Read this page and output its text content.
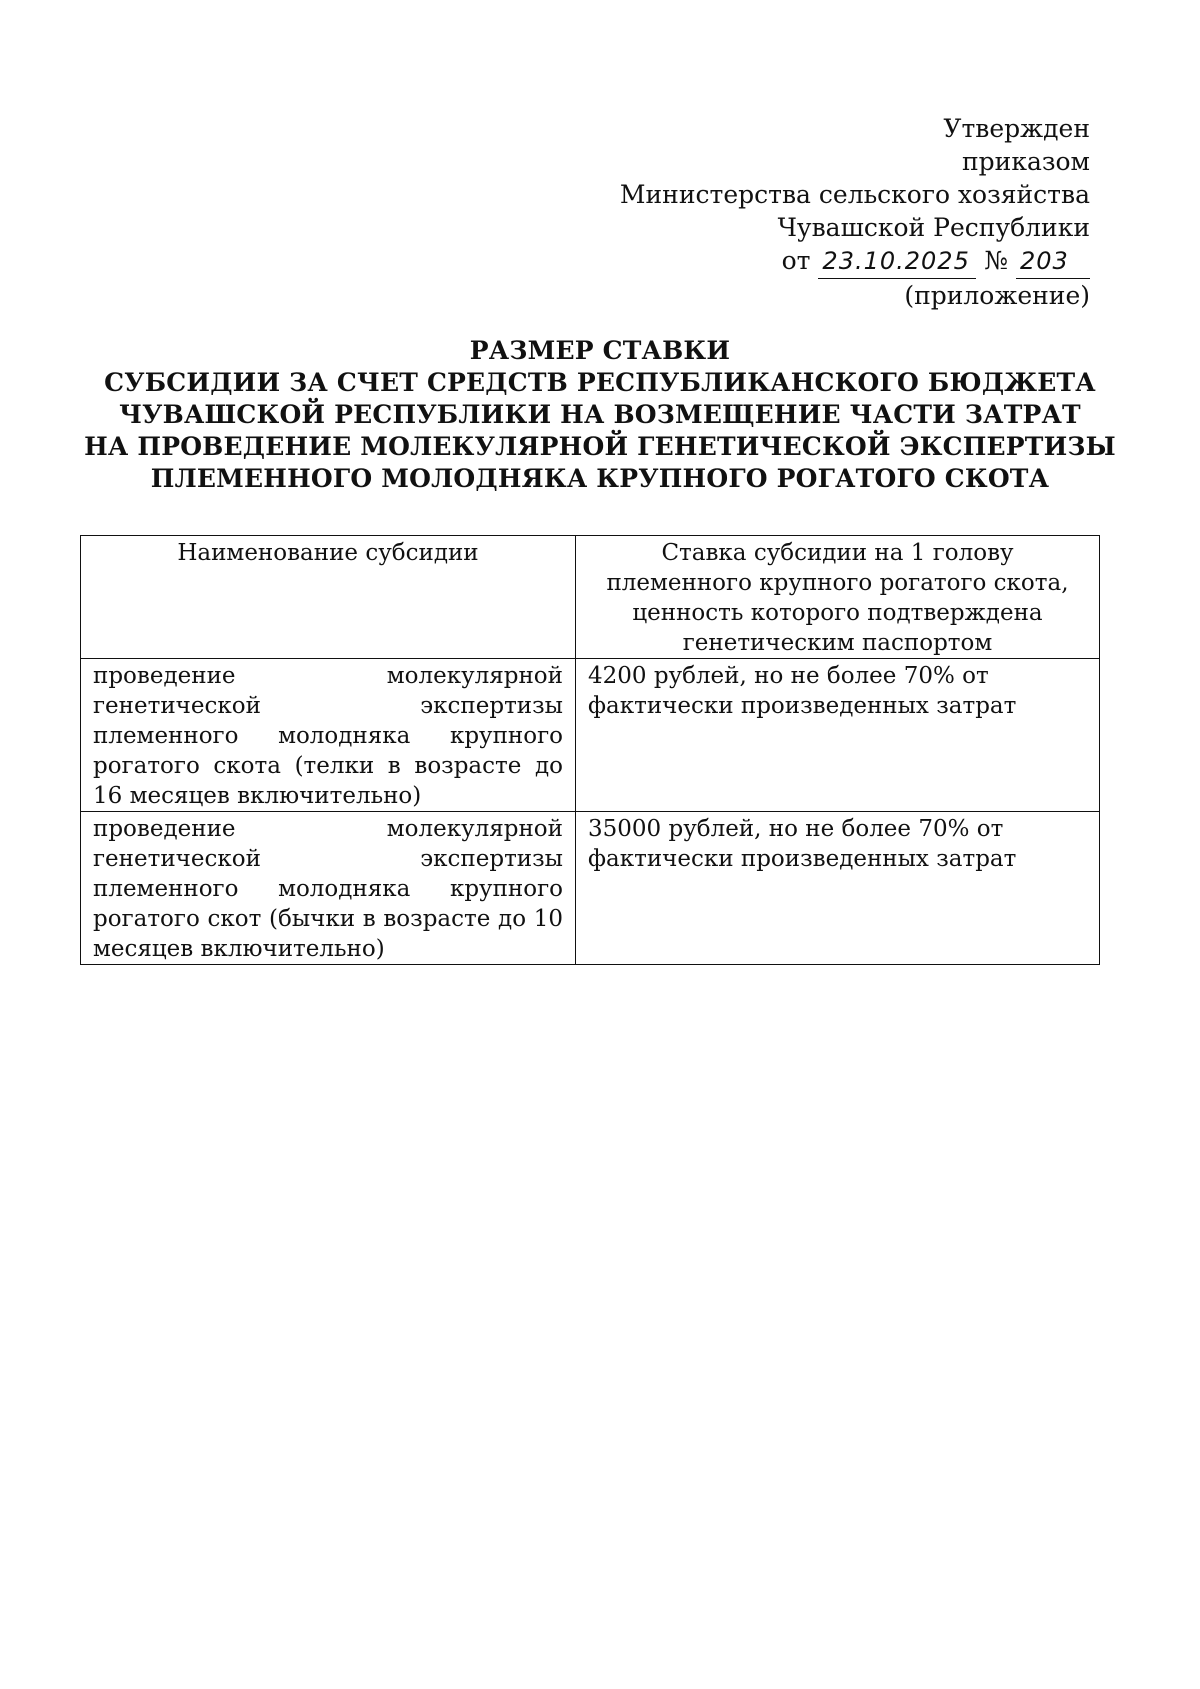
Утвержден
приказом
Министерства сельского хозяйства
Чувашской Республики
от 23.10.2025 № 203
(приложение)
РАЗМЕР СТАВКИ
СУБСИДИИ ЗА СЧЕТ СРЕДСТВ РЕСПУБЛИКАНСКОГО БЮДЖЕТА
ЧУВАШСКОЙ РЕСПУБЛИКИ НА ВОЗМЕЩЕНИЕ ЧАСТИ ЗАТРАТ
НА ПРОВЕДЕНИЕ МОЛЕКУЛЯРНОЙ ГЕНЕТИЧЕСКОЙ ЭКСПЕРТИЗЫ
ПЛЕМЕННОГО МОЛОДНЯКА КРУПНОГО РОГАТОГО СКОТА
Наименование субсидии	Ставка субсидии на 1 голову племенного крупного рогатого скота, ценность которого подтверждена генетическим паспортом
проведение молекулярной генетической экспертизы племенного молодняка крупного рогатого скота (телки в возрасте до 16 месяцев включительно)	4200 рублей, но не более 70% от фактически произведенных затрат
проведение молекулярной генетической экспертизы племенного молодняка крупного рогатого скот (бычки в возрасте до 10 месяцев включительно)	35000 рублей, но не более 70% от фактически произведенных затрат
